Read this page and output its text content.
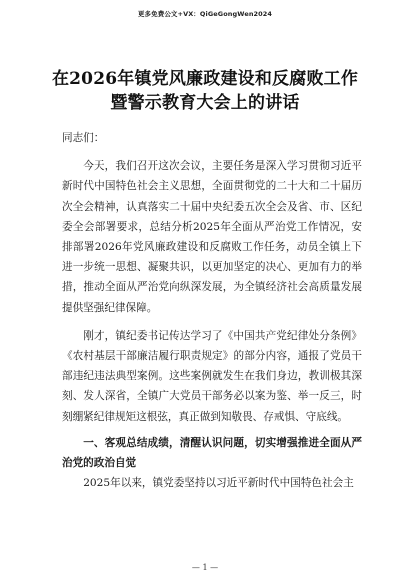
更多免费公文+VX：QiGeGongWen2024
在2026年镇党风廉政建设和反腐败工作
暨警示教育大会上的讲话

同志们：

今天，我们召开这次会议，主要任务是深入学习贯彻习近平新时代中国特色社会主义思想，全面贯彻党的二十大和二十届历次全会精神，认真落实二十届中央纪委五次全会及省、市、区纪委全会部署要求，总结分析2025年全面从严治党工作情况，安排部署2026年党风廉政建设和反腐败工作任务，动员全镇上下进一步统一思想、凝聚共识，以更加坚定的决心、更加有力的举措，推动全面从严治党向纵深发展，为全镇经济社会高质量发展提供坚强纪律保障。

刚才，镇纪委书记传达学习了《中国共产党纪律处分条例》《农村基层干部廉洁履行职责规定》的部分内容，通报了党员干部违纪违法典型案例。这些案例就发生在我们身边，教训极其深刻、发人深省，全镇广大党员干部务必以案为鉴、举一反三，时刻绷紧纪律规矩这根弦，真正做到知敬畏、存戒惧、守底线。

一、客观总结成绩，清醒认识问题，切实增强推进全面从严治党的政治自觉

2025年以来，镇党委坚持以习近平新时代中国特色社会主

— 1 —
